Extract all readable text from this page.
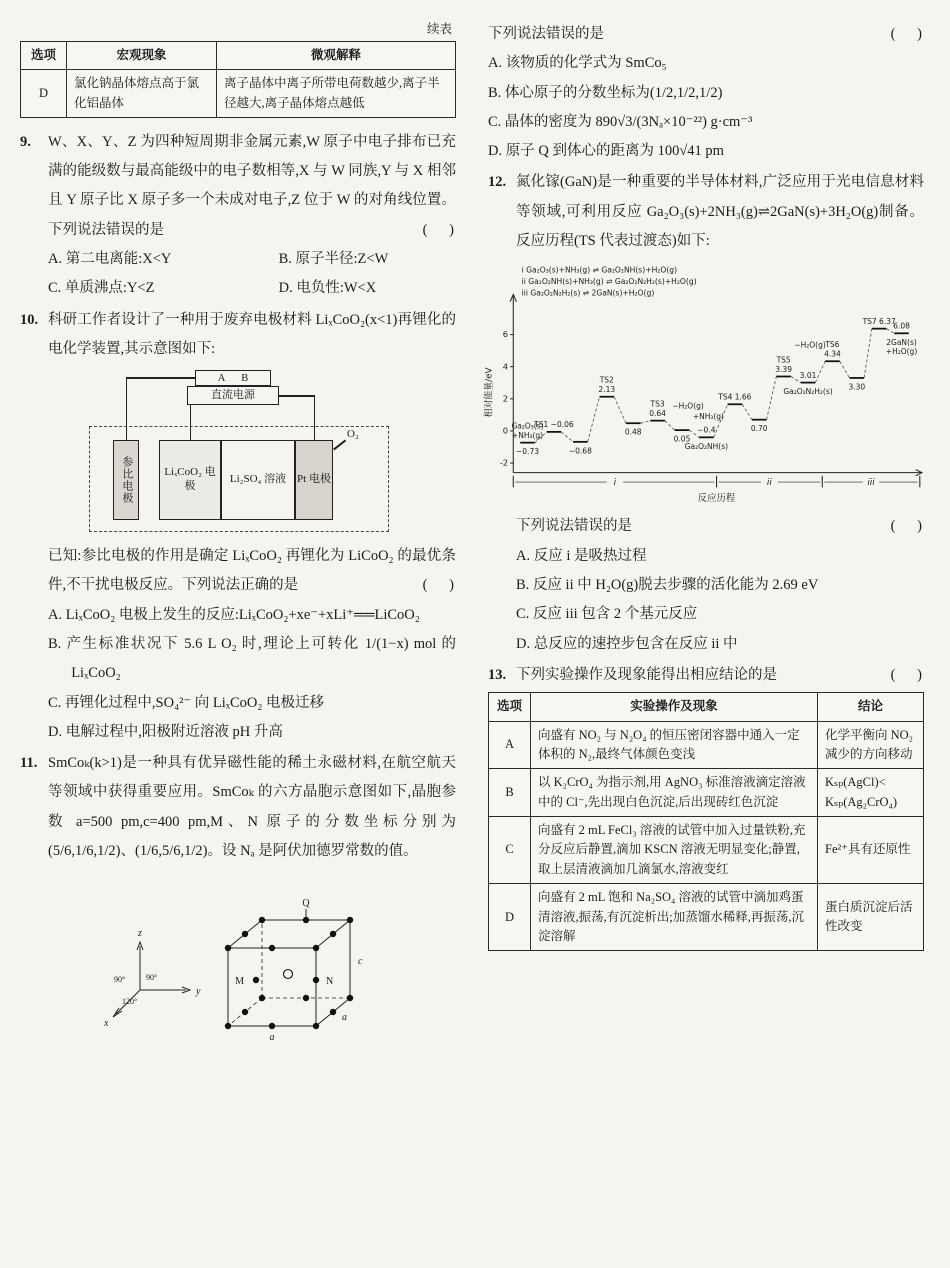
续表
选项	宏观现象	微观解释
D	氯化钠晶体熔点高于氯化铝晶体	离子晶体中离子所带电荷数越少,离子半径越大,离子晶体熔点越低
9.	W、X、Y、Z 为四种短周期非金属元素,W 原子中电子排布已充满的能级数与最高能级中的电子数相等,X 与 W 同族,Y 与 X 相邻且 Y 原子比 X 原子多一个未成对电子,Z 位于 W 的对角线位置。下列说法错误的是	(      )
A. 第二电离能:X<Y	B. 原子半径:Z<W
C. 单质沸点:Y<Z	D. 电负性:W<X
10. 科研工作者设计了一种用于废弃电极材料 LiₓCoO₂(x<1)再锂化的电化学装置,其示意图如下:
A B
直流电源
参比电极	LiₓCoO₂ 电极
Li₂SO₄ 溶液 Pt 电极
O₂
已知:参比电极的作用是确定 LiₓCoO₂ 再锂化为 LiCoO₂ 的最优条件,不干扰电极反应。下列说法正确的是	(      )
A. LiₓCoO₂ 电极上发生的反应:LiₓCoO₂+xe⁻+xLi⁺══LiCoO₂
B. 产生标准状况下 5.6 L O₂ 时,理论上可转化 1/(1−x) mol 的 LiₓCoO₂
C. 再锂化过程中,SO₄²⁻ 向 LiₓCoO₂ 电极迁移
D. 电解过程中,阳极附近溶液 pH 升高
11. SmCoₖ(k>1)是一种具有优异磁性能的稀土永磁材料,在航空航天等领域中获得重要应用。SmCoₖ 的六方晶胞示意图如下,晶胞参数 a=500 pm,c=400 pm,M、N 原子的分数坐标分别为(5/6,1/6,1/2)、(1/6,5/6,1/2)。设 Nₐ 是阿伏加德罗常数的值。
z
y
x
90°	90°
120°
M	N
Q
a
a
c
下列说法错误的是	(      )
A. 该物质的化学式为 SmCo₅
B. 体心原子的分数坐标为(1/2,1/2,1/2)
C. 晶体的密度为 890√3/(3Nₐ×10⁻²²) g·cm⁻³
D. 原子 Q 到体心的距离为 100√41 pm
12. 氮化镓(GaN)是一种重要的半导体材料,广泛应用于光电信息材料等领域,可利用反应 Ga₂O₃(s)+2NH₃(g)⇌2GaN(s)+3H₂O(g)制备。反应历程(TS 代表过渡态)如下:
-2
0
2
4
6
相对能量/eV
i Ga₂O₃(s)+NH₃(g) ⇌ Ga₂O₂NH(s)+H₂O(g)
ii Ga₂O₂NH(s)+NH₃(g) ⇌ Ga₂O₂N₂H₂(s)+H₂O(g)
iii Ga₂O₂N₂H₂(s) ⇌ 2GaN(s)+H₂O(g)
+NH₃(g)
Ga₂O₃(s)
−0.73
TS1 −0.06
−0.68
2.13
TS2
0.48
0.64
TS3
0.05
−0.4
Ga₂O₂NH(s)
TS4 1.66
0.70
3.39
TS5
3.01
Ga₂O₂N₂H₂(s)
4.34
TS6
3.30
TS7 6.37
6.08
2GaN(s)
+H₂O(g)
−H₂O(g)
+NH₃(g)
−H₂O(g)
i	ii	iii
反应历程
下列说法错误的是	(      )
A. 反应 i 是吸热过程
B. 反应 ii 中 H₂O(g)脱去步骤的活化能为 2.69 eV
C. 反应 iii 包含 2 个基元反应
D. 总反应的速控步包含在反应 ii 中
13. 下列实验操作及现象能得出相应结论的是	(      )
选项	实验操作及现象	结论
A	向盛有 NO₂ 与 N₂O₄ 的恒压密闭容器中通入一定体积的 N₂,最终气体颜色变浅	化学平衡向 NO₂ 减少的方向移动
B	以 K₂CrO₄ 为指示剂,用 AgNO₃ 标准溶液滴定溶液中的 Cl⁻,先出现白色沉淀,后出现砖红色沉淀	Kₛₚ(AgCl)< Kₛₚ(Ag₂CrO₄)
C	向盛有 2 mL FeCl₃ 溶液的试管中加入过量铁粉,充分反应后静置,滴加 KSCN 溶液无明显变化;静置,取上层清液滴加几滴氯水,溶液变红	Fe²⁺具有还原性
D	向盛有 2 mL 饱和 Na₂SO₄ 溶液的试管中滴加鸡蛋清溶液,振荡,有沉淀析出;加蒸馏水稀释,再振荡,沉淀溶解	蛋白质沉淀后活性改变
